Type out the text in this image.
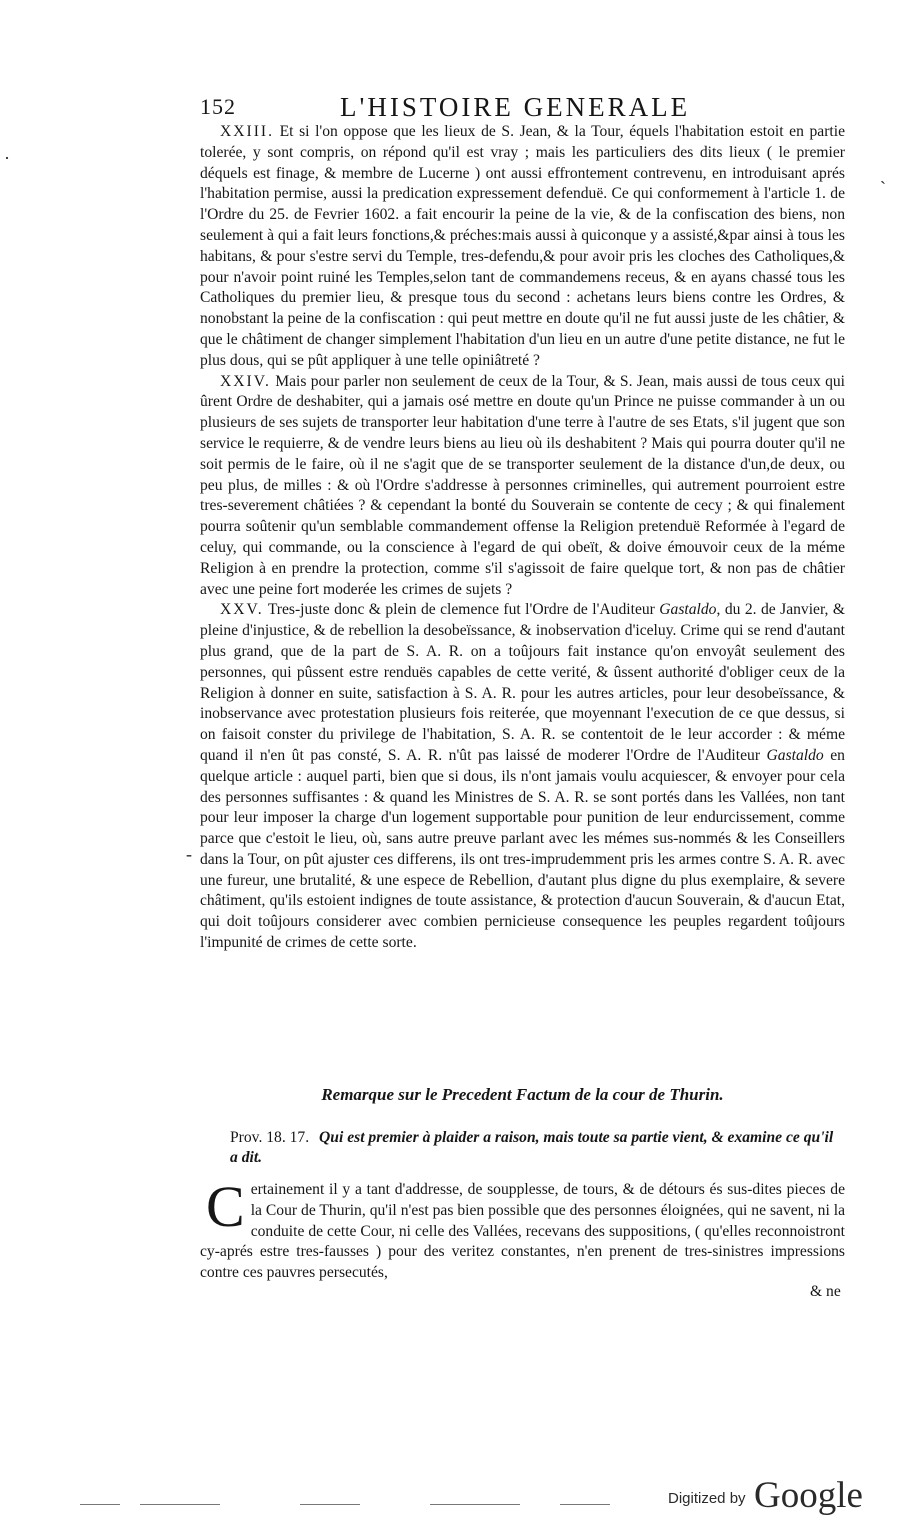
152	L'HISTOIRE GENERALE

XXIII. Et si l'on oppose que les lieux de S. Jean, & la Tour, équels l'habitation estoit en partie tolerée, y sont compris, on répond qu'il est vray ; mais les particuliers des dits lieux ( le premier déquels est finage, & membre de Lucerne ) ont aussi effrontement contrevenu, en introduisant aprés l'habitation permise, aussi la predication expressement defenduë. Ce qui conformement à l'article 1. de l'Ordre du 25. de Fevrier 1602. a fait encourir la peine de la vie, & de la confiscation des biens, non seulement à qui a fait leurs fonctions,& préches:mais aussi à quiconque y a assisté,&par ainsi à tous les habitans, & pour s'estre servi du Temple, tres-defendu,& pour avoir pris les cloches des Catholiques,& pour n'avoir point ruiné les Temples,selon tant de commandemens receus, & en ayans chassé tous les Catholiques du premier lieu, & presque tous du second : achetans leurs biens contre les Ordres, & nonobstant la peine de la confiscation : qui peut mettre en doute qu'il ne fut aussi juste de les châtier, & que le châtiment de changer simplement l'habitation d'un lieu en un autre d'une petite distance, ne fut le plus dous, qui se pût appliquer à une telle opiniâtreté ?

XXIV. Mais pour parler non seulement de ceux de la Tour, & S. Jean, mais aussi de tous ceux qui ûrent Ordre de deshabiter, qui a jamais osé mettre en doute qu'un Prince ne puisse commander à un ou plusieurs de ses sujets de transporter leur habitation d'une terre à l'autre de ses Etats, s'il jugent que son service le requierre, & de vendre leurs biens au lieu où ils deshabitent ? Mais qui pourra douter qu'il ne soit permis de le faire, où il ne s'agit que de se transporter seulement de la distance d'un,de deux, ou peu plus, de milles : & où l'Ordre s'addresse à personnes criminelles, qui autrement pourroient estre tres-severement châtiées ? & cependant la bonté du Souverain se contente de cecy ; & qui finalement pourra soûtenir qu'un semblable commandement offense la Religion pretenduë Reformée à l'egard de celuy, qui commande, ou la conscience à l'egard de qui obeït, & doive émouvoir ceux de la méme Religion à en prendre la protection, comme s'il s'agissoit de faire quelque tort, & non pas de châtier avec une peine fort moderée les crimes de sujets ?

XXV. Tres-juste donc & plein de clemence fut l'Ordre de l'Auditeur Gastaldo, du 2. de Janvier, & pleine d'injustice, & de rebellion la desobeïssance, & inobservation d'iceluy. Crime qui se rend d'autant plus grand, que de la part de S. A. R. on a toûjours fait instance qu'on envoyât seulement des personnes, qui pûssent estre renduës capables de cette verité, & ûssent authorité d'obliger ceux de la Religion à donner en suite, satisfaction à S. A. R. pour les autres articles, pour leur desobeïssance, & inobservance avec protestation plusieurs fois reiterée, que moyennant l'execution de ce que dessus, si on faisoit conster du privilege de l'habitation, S. A. R. se contentoit de le leur accorder : & méme quand il n'en ût pas consté, S. A. R. n'ût pas laissé de moderer l'Ordre de l'Auditeur Gastaldo en quelque article : auquel parti, bien que si dous, ils n'ont jamais voulu acquiescer, & envoyer pour cela des personnes suffisantes : & quand les Ministres de S. A. R. se sont portés dans les Vallées, non tant pour leur imposer la charge d'un logement supportable pour punition de leur endurcissement, comme parce que c'estoit le lieu, où, sans autre preuve parlant avec les mémes sus-nommés & les Conseillers dans la Tour, on pût ajuster ces differens, ils ont tres-imprudemment pris les armes contre S. A. R. avec une fureur, une brutalité, & une espece de Rebellion, d'autant plus digne du plus exemplaire, & severe châtiment, qu'ils estoient indignes de toute assistance, & protection d'aucun Souverain, & d'aucun Etat, qui doit toûjours considerer avec combien pernicieuse consequence les peuples regardent toûjours l'impunité de crimes de cette sorte.

Remarque sur le Precedent Factum de la cour de Thurin.
Prov. 18. 17. Qui est premier à plaider a raison, mais toute sa partie vient, & examine ce qu'il a dit.
C ertainement il y a tant d'addresse, de soupplesse, de tours, & de détours és sus-dites pieces de la Cour de Thurin, qu'il n'est pas bien possible que des personnes éloignées, qui ne savent, ni la conduite de cette Cour, ni celle des Vallées, recevans des suppositions, ( qu'elles reconnoistront cy-aprés estre tres-fausses ) pour des veritez constantes, n'en prenent de tres-sinistres impressions contre ces pauvres persecutés,
& ne
·
ˎ
-
Digitized by Google
